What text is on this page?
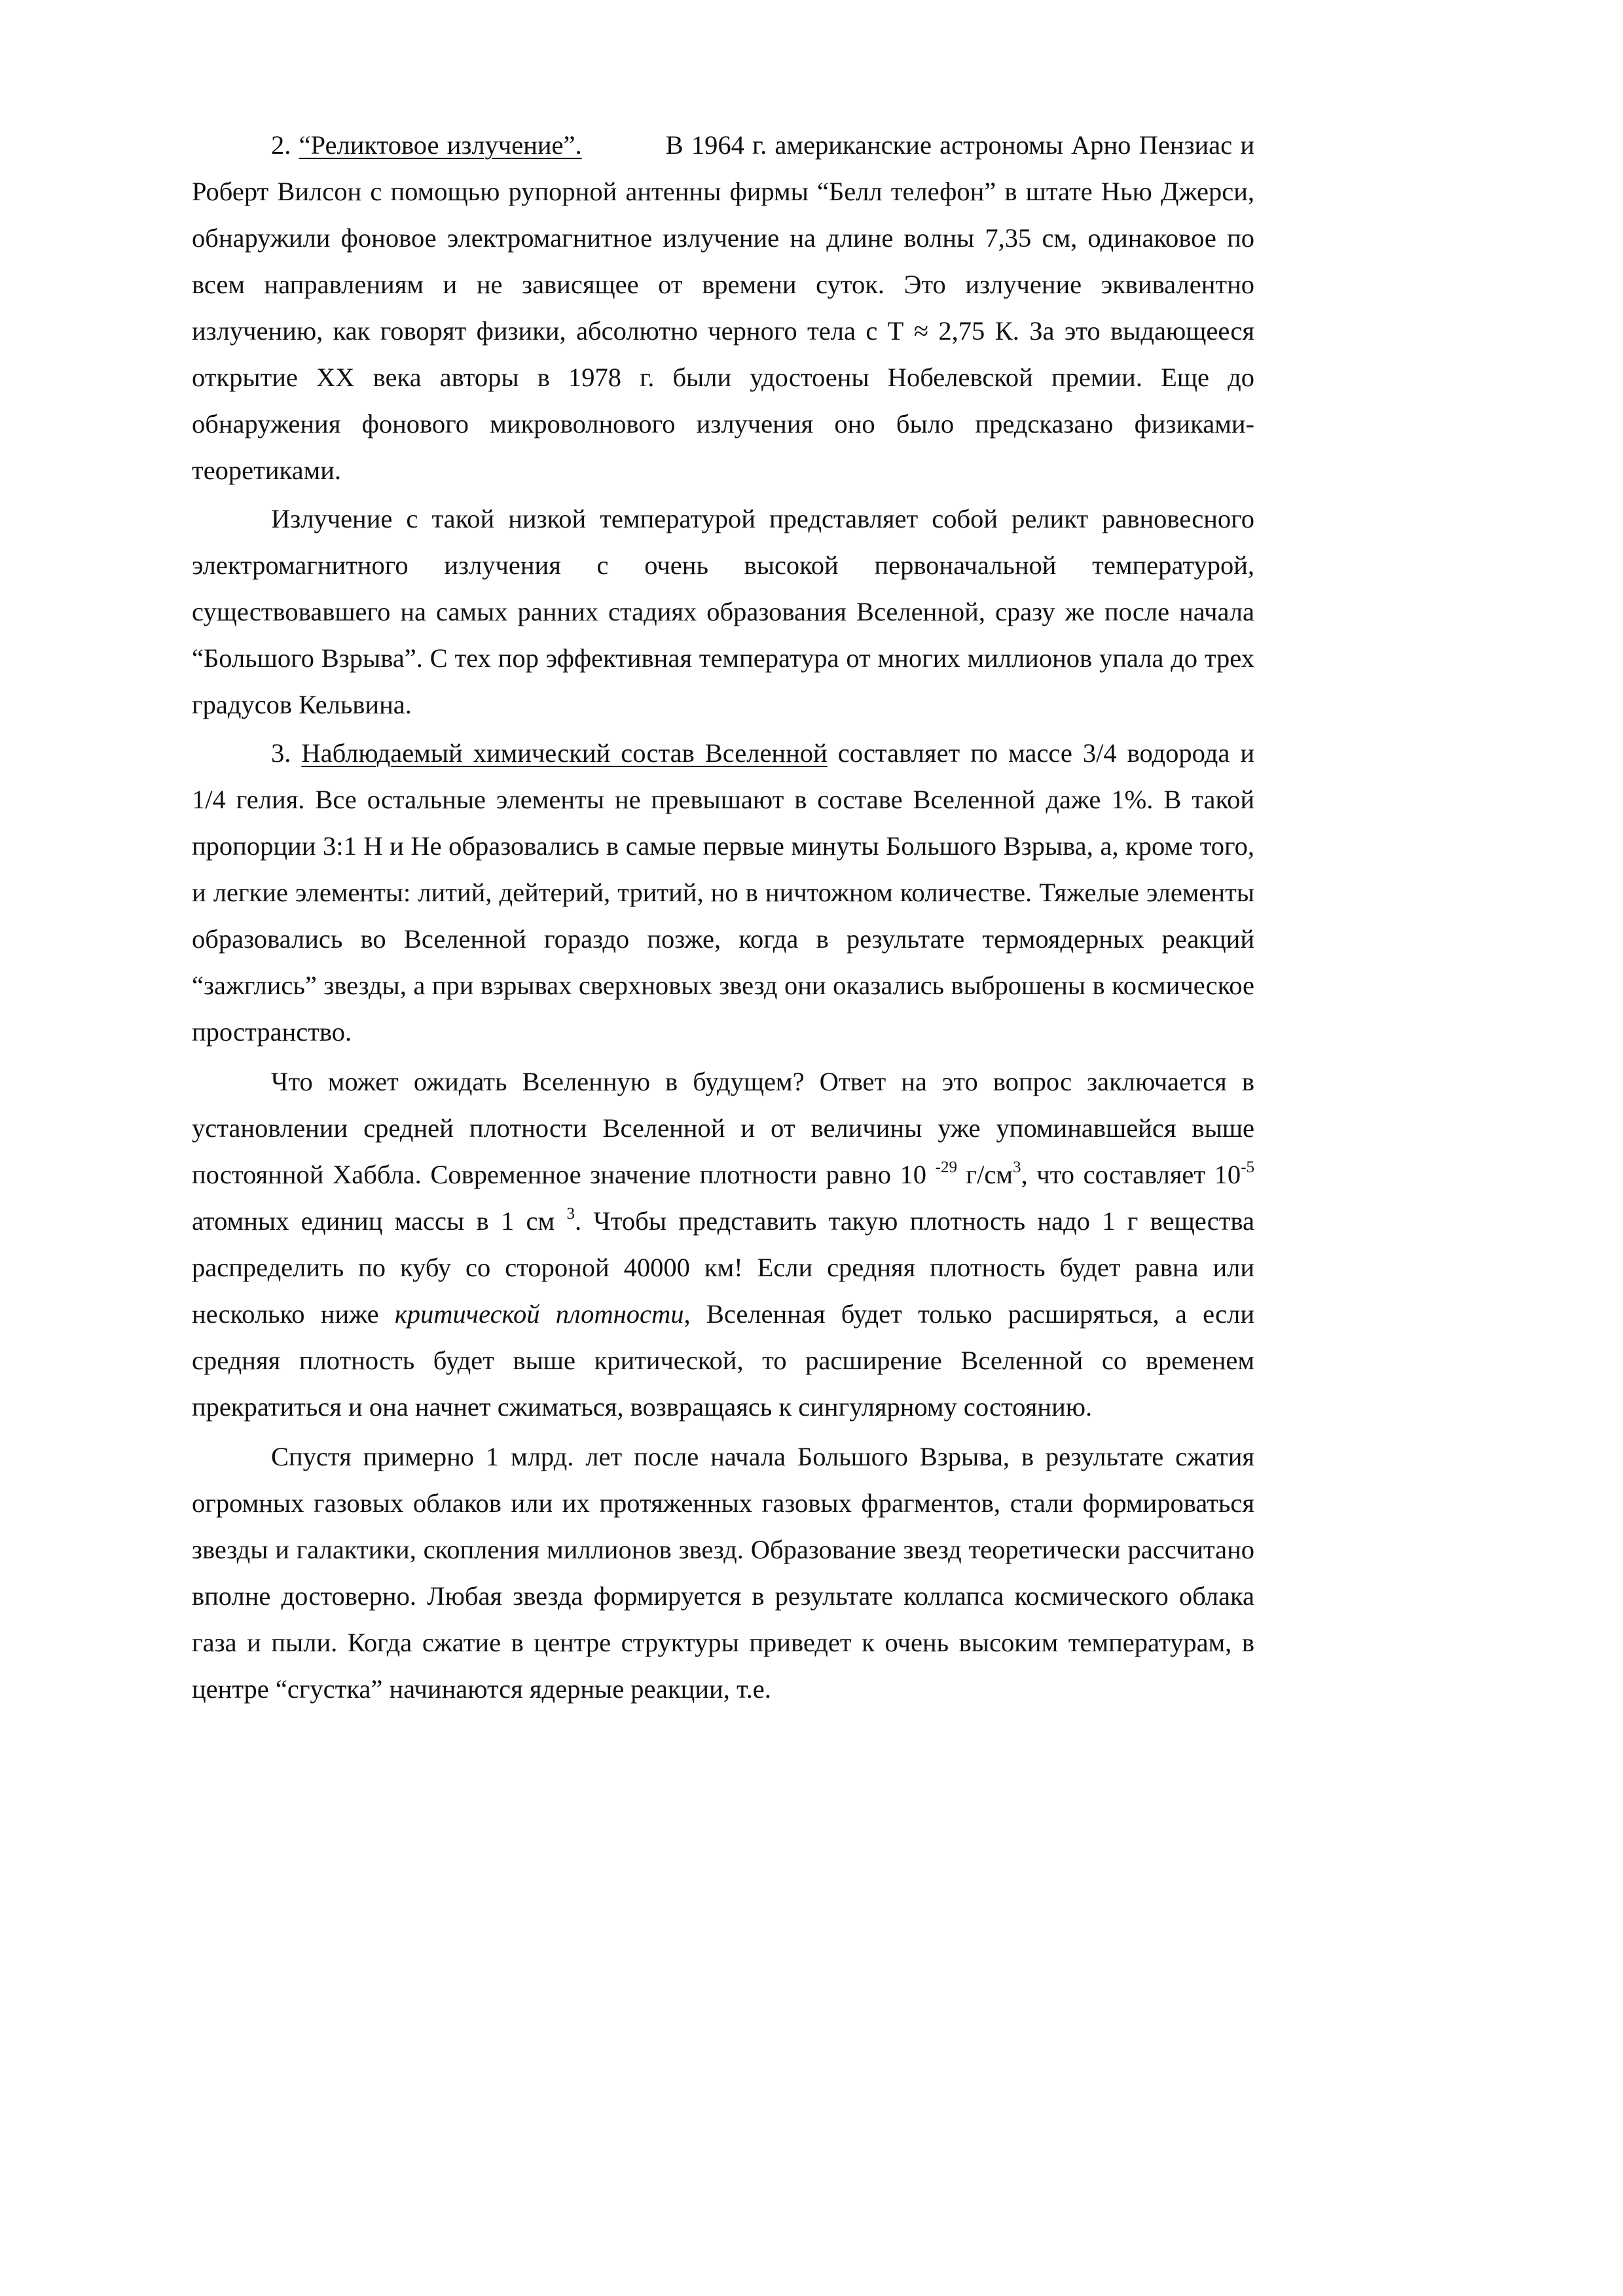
2. “Реликтовое излучение”.	В 1964 г. американские астрономы Арно Пензиас и Роберт Вилсон с помощью рупорной антенны фирмы “Белл телефон” в штате Нью Джерси, обнаружили фоновое электромагнитное излучение на длине волны 7,35 см, одинаковое по всем направлениям и не зависящее от времени суток. Это излучение эквивалентно излучению, как говорят физики, абсолютно черного тела с Т ≈ 2,75 К. За это выдающееся открытие ХХ века авторы в 1978 г. были удостоены Нобелевской премии. Еще до обнаружения фонового микроволнового излучения оно было предсказано физиками-теоретиками.

Излучение с такой низкой температурой представляет собой реликт равновесного электромагнитного излучения с очень высокой первоначальной температурой, существовавшего на самых ранних стадиях образования Вселенной, сразу же после начала “Большого Взрыва”. С тех пор эффективная температура от многих миллионов упала до трех градусов Кельвина.

3. Наблюдаемый химический состав Вселенной составляет по массе 3/4 водорода и 1/4 гелия. Все остальные элементы не превышают в составе Вселенной даже 1%. В такой пропорции 3:1 Н и Не образовались в самые первые минуты Большого Взрыва, а, кроме того, и легкие элементы: литий, дейтерий, тритий, но в ничтожном количестве. Тяжелые элементы образовались во Вселенной гораздо позже, когда в результате термоядерных реакций “зажглись” звезды, а при взрывах сверхновых звезд они оказались выброшены в космическое пространство.

Что может ожидать Вселенную в будущем? Ответ на это вопрос заключается в установлении средней плотности Вселенной и от величины уже упоминавшейся выше постоянной Хаббла. Современное значение плотности равно 10 $^{-29}$ $г/см^3$, что составляет $10^{-5}$ атомных единиц массы в 1 см $^3$. Чтобы представить такую плотность надо 1 г вещества распределить по кубу со стороной 40000 км! Если средняя плотность будет равна или несколько ниже критической плотности, Вселенная будет только расширяться, а если средняя плотность будет выше критической, то расширение Вселенной со временем прекратиться и она начнет сжиматься, возвращаясь к сингулярному состоянию.

Спустя примерно 1 млрд. лет после начала Большого Взрыва, в результате сжатия огромных газовых облаков или их протяженных газовых фрагментов, стали формироваться звезды и галактики, скопления миллионов звезд. Образование звезд теоретически рассчитано вполне достоверно. Любая звезда формируется в результате коллапса космического облака газа и пыли. Когда сжатие в центре структуры приведет к очень высоким температурам, в центре “сгустка” начинаются ядерные реакции, т.е.
